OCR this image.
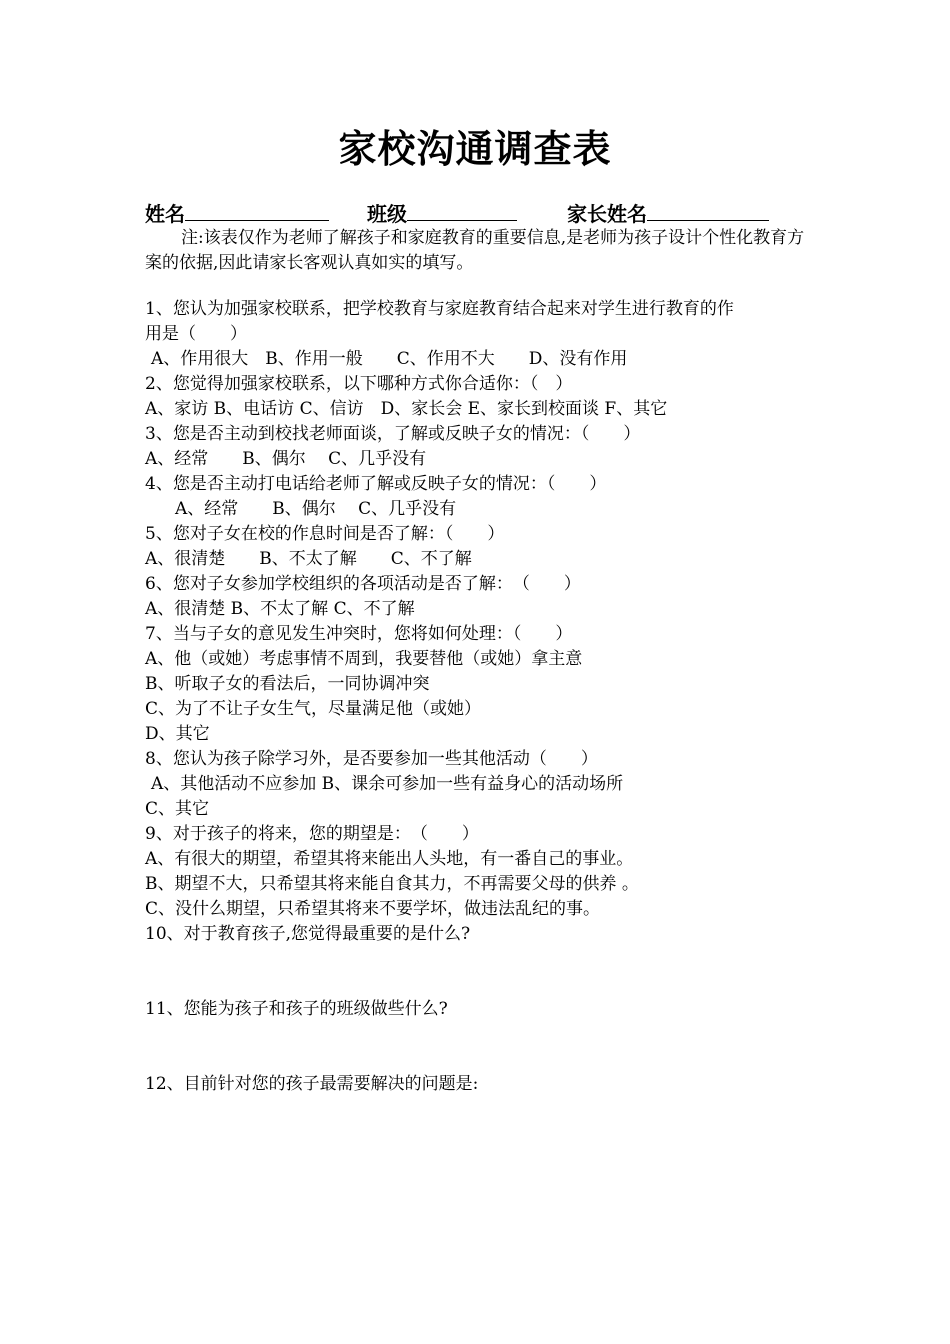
家校沟通调查表
姓名	班级	家长姓名
注:该表仅作为老师了解孩子和家庭教育的重要信息,是老师为孩子设计个性化教育方案的依据,因此请家长客观认真如实的填写。
1、您认为加强家校联系，把学校教育与家庭教育结合起来对学生进行教育的作
用是（　　）
A、作用很大　B、作用一般　　C、作用不大　　D、没有作用
2、您觉得加强家校联系，以下哪种方式你合适你：（　）
A、家访 B、电话访 C、信访　D、家长会 E、家长到校面谈 F、其它
3、您是否主动到校找老师面谈，了解或反映子女的情况：（　　）
A、经常　　B、偶尔　 C、几乎没有
4、您是否主动打电话给老师了解或反映子女的情况：（　　）
A、经常　　B、偶尔　 C、几乎没有
5、您对子女在校的作息时间是否了解：（　　）
A、很清楚　　B、不太了解　　C、不了解
6、您对子女参加学校组织的各项活动是否了解：　（　　）
A、很清楚 B、不太了解 C、不了解
7、当与子女的意见发生冲突时，您将如何处理：（　　）
A、他（或她）考虑事情不周到，我要替他（或她）拿主意
B、听取子女的看法后，一同协调冲突
C、为了不让子女生气，尽量满足他（或她）
D、其它
8、您认为孩子除学习外，是否要参加一些其他活动（　　）
A、其他活动不应参加 B、课余可参加一些有益身心的活动场所
C、其它
9、对于孩子的将来，您的期望是：　（　　）
A、有很大的期望，希望其将来能出人头地，有一番自己的事业。
B、期望不大，只希望其将来能自食其力，不再需要父母的供养 。
C、没什么期望，只希望其将来不要学坏，做违法乱纪的事。
10、对于教育孩子,您觉得最重要的是什么?
11、您能为孩子和孩子的班级做些什么?
12、目前针对您的孩子最需要解决的问题是:
